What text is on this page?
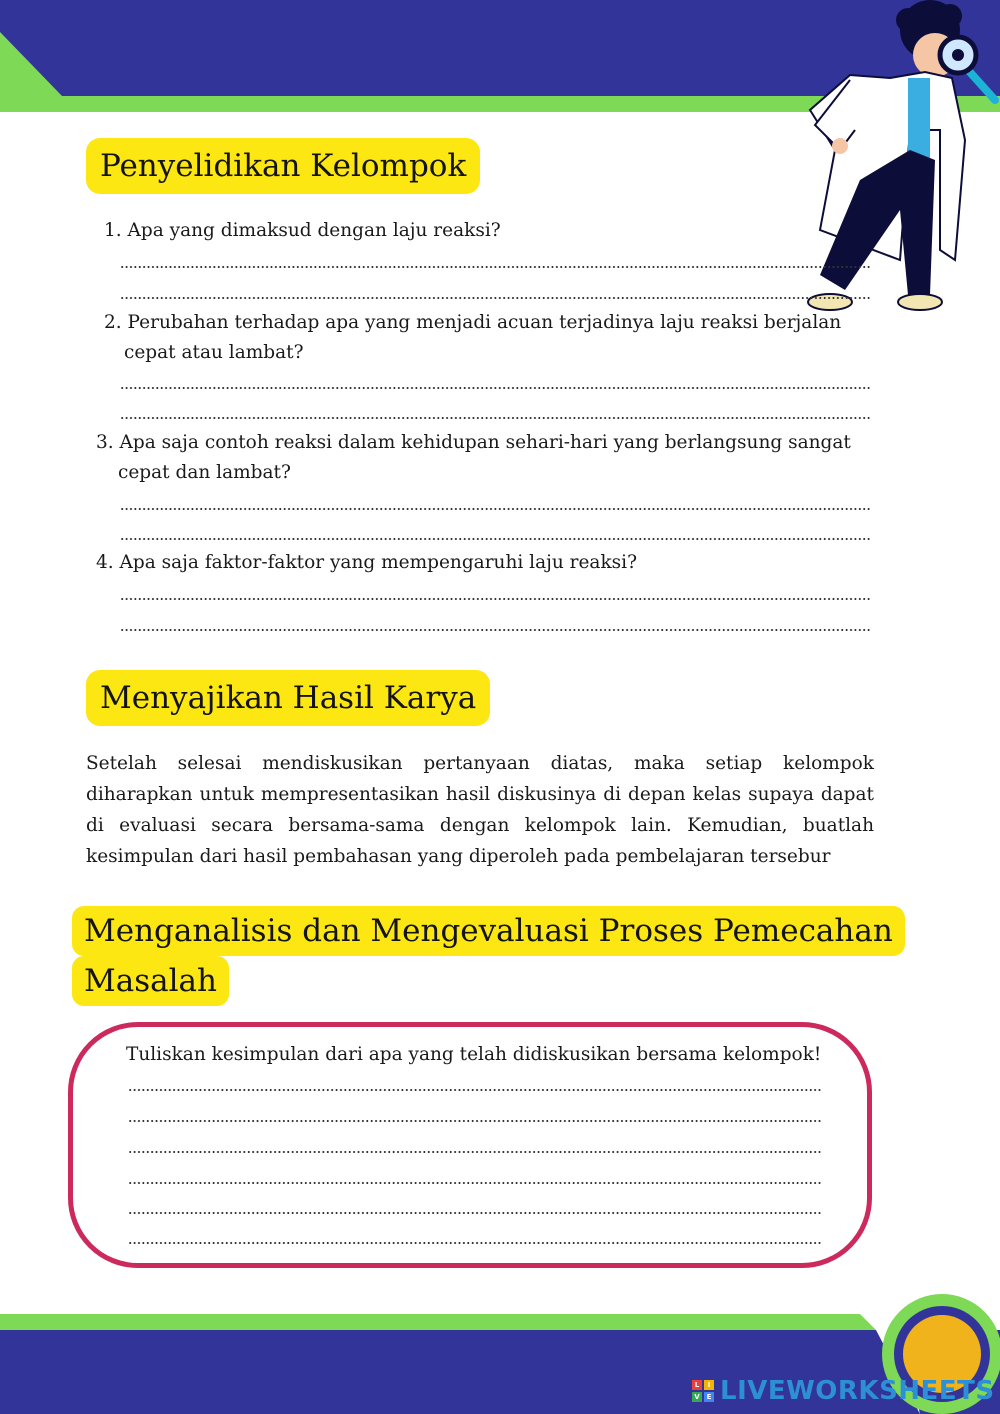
Penyelidikan Kelompok
1. Apa yang dimaksud dengan laju reaksi?
2. Perubahan terhadap apa yang menjadi acuan terjadinya laju reaksi berjalan
cepat atau lambat?
3. Apa saja contoh reaksi dalam kehidupan sehari-hari yang berlangsung sangat
cepat dan lambat?
4. Apa saja faktor-faktor yang mempengaruhi laju reaksi?
Menyajikan Hasil Karya
Setelah selesai mendiskusikan pertanyaan diatas, maka setiap kelompok diharapkan untuk mempresentasikan hasil diskusinya di depan kelas supaya dapat di evaluasi secara bersama-sama dengan kelompok lain. Kemudian, buatlah kesimpulan dari hasil pembahasan yang diperoleh pada pembelajaran tersebur
Menganalisis dan Mengevaluasi Proses Pemecahan
Masalah
Tuliskan kesimpulan dari apa yang telah didiskusikan bersama kelompok!
L	I
V E LIVEWORKSHEETS
